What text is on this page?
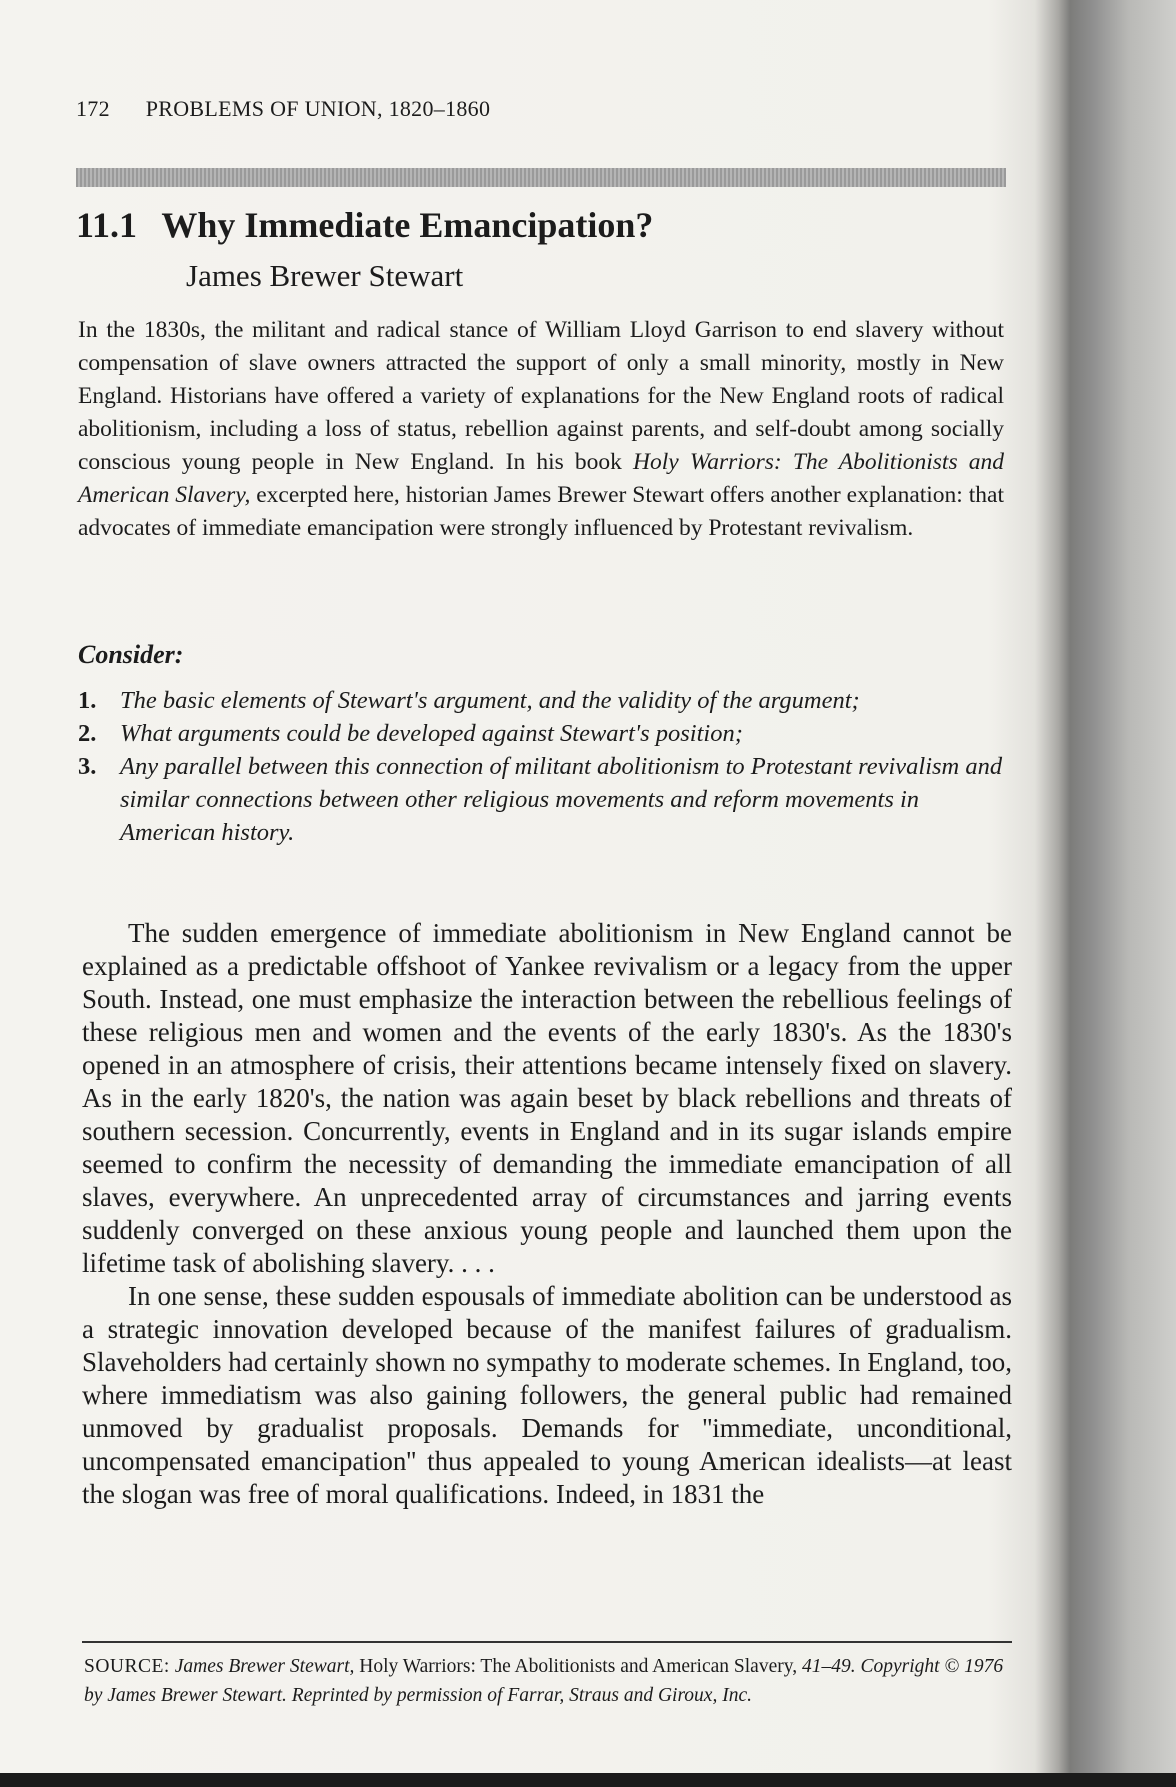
172 PROBLEMS OF UNION, 1820–1860
11.1 Why Immediate Emancipation?
James Brewer Stewart
In the 1830s, the militant and radical stance of William Lloyd Garrison to end slavery without compensation of slave owners attracted the support of only a small minority, mostly in New England. Historians have offered a variety of explanations for the New England roots of radical abolitionism, including a loss of status, rebellion against parents, and self-doubt among socially conscious young people in New England. In his book Holy Warriors: The Abolitionists and American Slavery, excerpted here, historian James Brewer Stewart offers another explanation: that advocates of immediate emancipation were strongly influenced by Protestant revivalism.
Consider:
1. The basic elements of Stewart's argument, and the validity of the argument;
2. What arguments could be developed against Stewart's position;
3. Any parallel between this connection of militant abolitionism to Protestant revivalism and similar connections between other religious movements and reform movements in American history.

The sudden emergence of immediate abolitionism in New England cannot be explained as a predictable offshoot of Yankee revivalism or a legacy from the upper South. Instead, one must emphasize the interaction between the rebellious feelings of these religious men and women and the events of the early 1830's. As the 1830's opened in an atmosphere of crisis, their attentions became intensely fixed on slavery. As in the early 1820's, the nation was again beset by black rebellions and threats of southern secession. Concurrently, events in England and in its sugar islands empire seemed to confirm the necessity of demanding the immediate emancipation of all slaves, everywhere. An unprecedented array of circumstances and jarring events suddenly converged on these anxious young people and launched them upon the lifetime task of abolishing slavery. . . .

In one sense, these sudden espousals of immediate abolition can be understood as a strategic innovation developed because of the manifest failures of gradualism. Slaveholders had certainly shown no sympathy to moderate schemes. In England, too, where immediatism was also gaining followers, the general public had remained unmoved by gradualist proposals. Demands for ''immediate, unconditional, uncompensated emancipation'' thus appealed to young American idealists—at least the slogan was free of moral qualifications. Indeed, in 1831 the

SOURCE: James Brewer Stewart, Holy Warriors: The Abolitionists and American Slavery, 41–49. Copyright © 1976 by James Brewer Stewart. Reprinted by permission of Farrar, Straus and Giroux, Inc.
